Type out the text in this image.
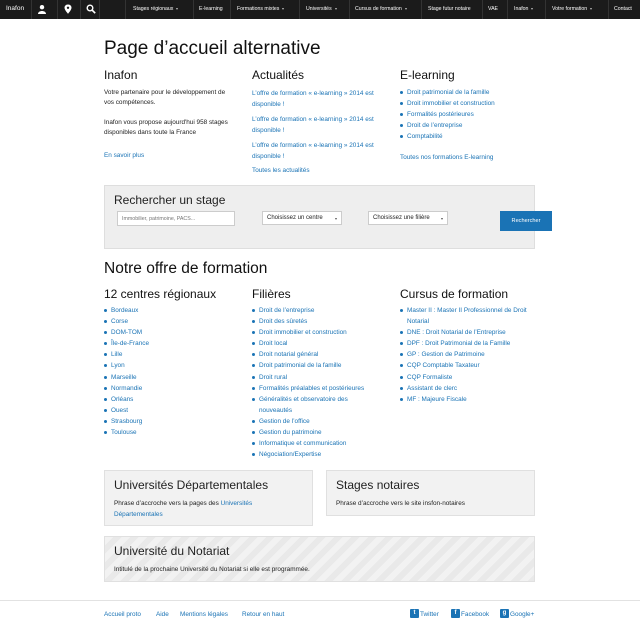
Inafon	Stages régionaux	E-learning	Formations mixtes	Universités	Cursus de formation	Stage futur notaire	VAE	Inafon	Votre formation	Contact
Page d’accueil alternative
Inafon

Votre partenaire pour le développement de vos compétences.

Inafon vous propose aujourd'hui 958 stages disponibles dans toute la France

En savoir plus
Actualités
L’offre de formation « e-learning » 2014 est disponible !
L’offre de formation « e-learning » 2014 est disponible !
L’offre de formation « e-learning » 2014 est disponible !
Toutes les actualités
E-learning
Droit patrimonial de la famille
Droit immobilier et construction
Formalités postérieures
Droit de l’entreprise
Comptabilité
Toutes nos formations E-learning
Rechercher un stage
Immobilier, patrimoine, PACS...
Choisissez un centre	Choisissez une filière	Rechercher
Notre offre de formation
12 centres régionaux
Bordeaux
Corse
DOM-TOM
Île-de-France
Lille
Lyon
Marseille
Normandie
Orléans
Ouest
Strasbourg
Toulouse
Filières
Droit de l’entreprise
Droit des sûretés
Droit immobilier et construction
Droit local
Droit notarial général
Droit patrimonial de la famille
Droit rural
Formalités préalables et postérieures
Généralités et observatoire des nouveautés
Gestion de l’office
Gestion du patrimoine
Informatique et communication
Négociation/Expertise
Cursus de formation
Master II : Master II Professionnel de Droit Notarial
DNE : Droit Notarial de l’Entreprise
DPF : Droit Patrimonial de la Famille
GP : Gestion de Patrimoine
CQP Comptable Taxateur
CQP Formaliste
Assistant de clerc
MF : Majeure Fiscale
Universités Départementales
Phrase d’accroche vers la pages des Universités Départementales
Stages notaires
Phrase d’accroche vers le site insfon-notaires
Université du Notariat
Intitulé de la prochaine Université du Notariat si elle est programmée.
Accueil proto Aide Mentions légales Retour en haut	t Twitter	f Facebook	g Google+
